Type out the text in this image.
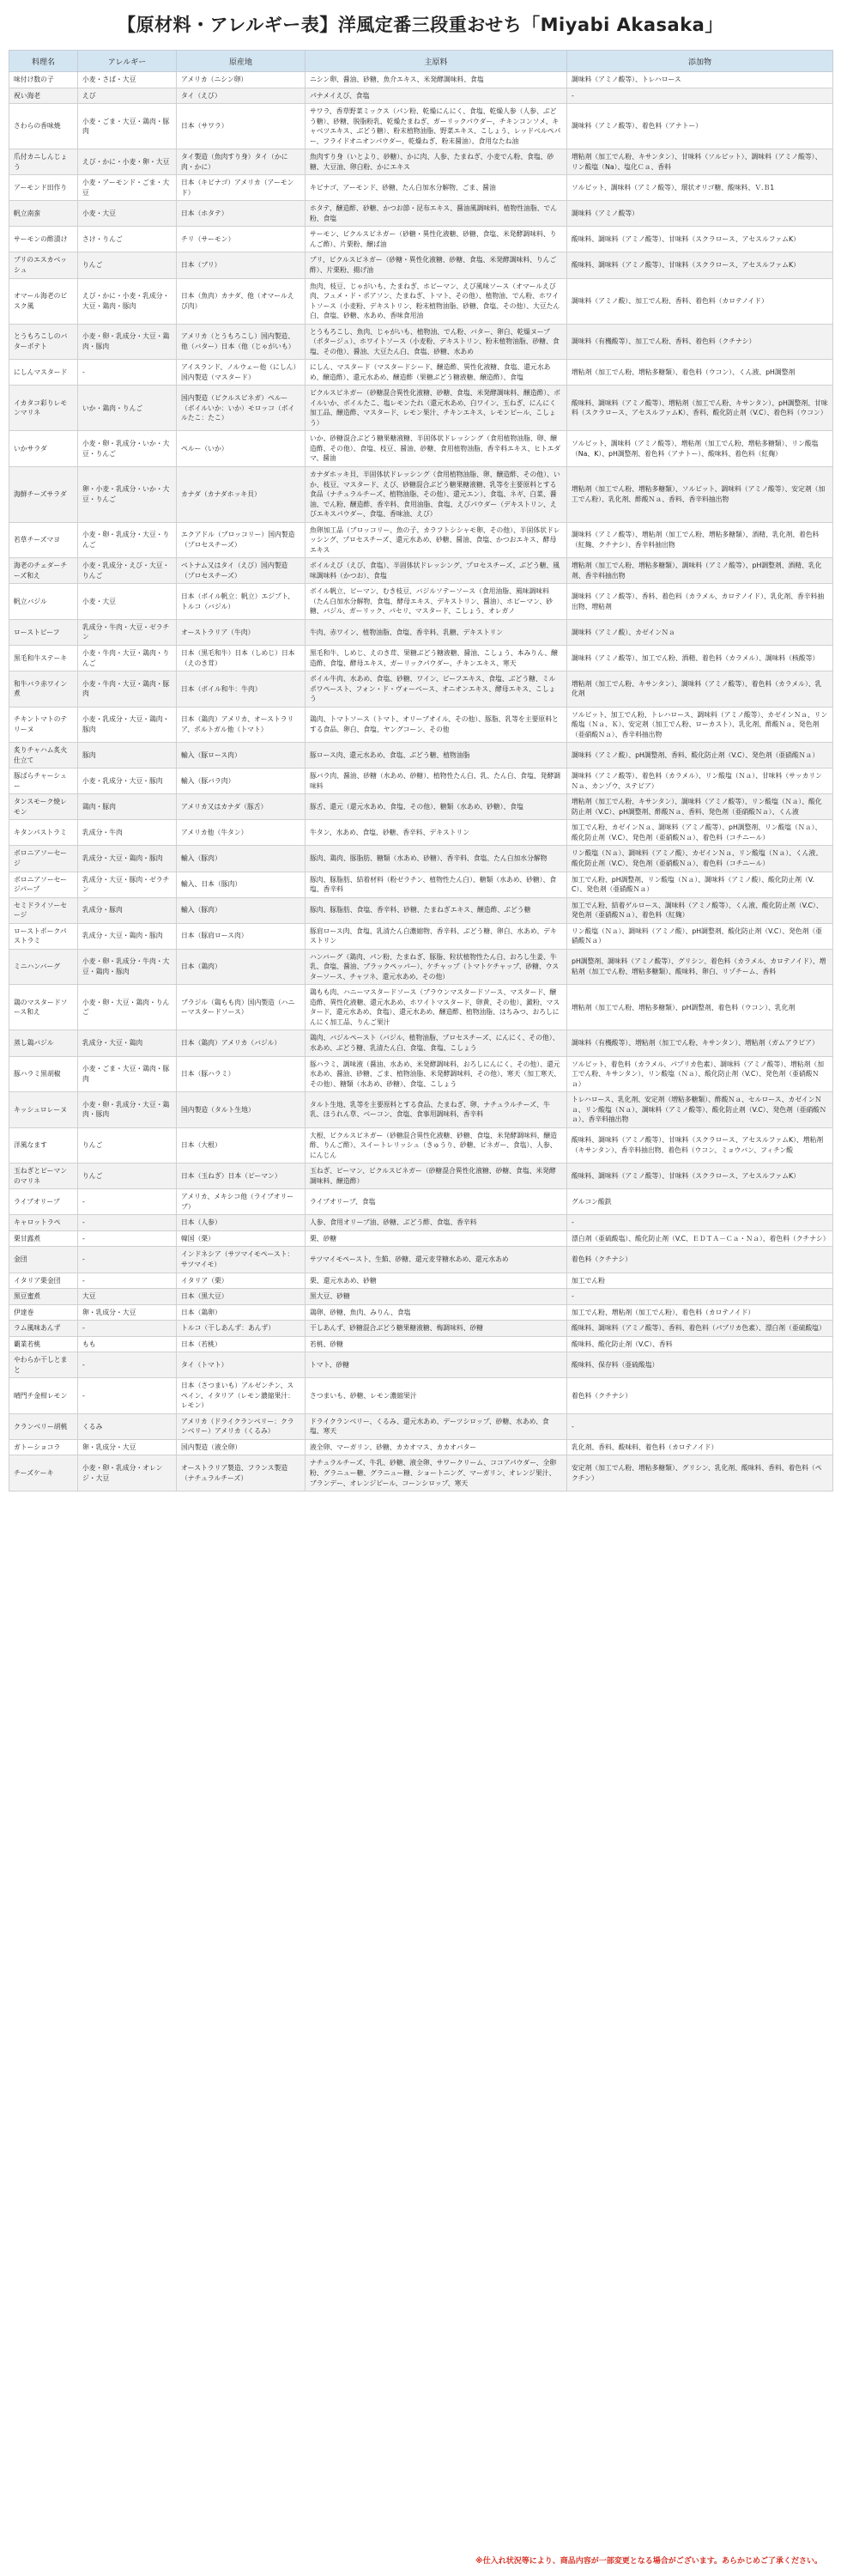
【原材料・アレルギー表】洋風定番三段重おせち「Miyabi Akasaka」
料理名	アレルギー	原産地	主原料	添加物
味付け数の子	小麦・さば・大豆	アメリカ（ニシン卵）	ニシン卵、醤油、砂糖、魚介エキス、米発酵調味料、食塩	調味料（アミノ酸等）、トレハロース
祝い海老	えび	タイ（えび）	パナメイえび、食塩	-
さわらの香味焼	小麦・ごま・大豆・鶏肉・豚肉	日本（サワラ）	サワラ、香草野菜ミックス（パン粉、乾燥にんにく、食塩、乾燥人参（人参、ぶどう糖）、砂糖、脱脂粉乳、乾燥たまねぎ、ガーリックパウダー、チキンコンソメ、キャベツエキス、ぶどう糖）、粉末植物油脂、野菜エキス、こしょう、レッドベルペパー、フライドオニオンパウダー、乾燥ねぎ、粉末醤油）、食用なたね油	調味料（アミノ酸等）、着色料（アナトー）
爪付カニしんじょう	えび・かに・小麦・卵・大豆	タイ製造（魚肉すり身）タイ（かに肉・かに）	魚肉すり身（いとより、砂糖）、かに肉、人参、たまねぎ、小麦でん粉、食塩、砂糖、大豆油、卵白粉、かにエキス	増粘剤（加工でん粉、キサンタン）、甘味料（ソルビット）、調味料（アミノ酸等）、リン酸塩（Na）、塩化Ｃａ、香料
アーモンド田作り	小麦・アーモンド・ごま・大豆	日本（キビナゴ）アメリカ（アーモンド）	キビナゴ、アーモンド、砂糖、たん白加水分解物、ごま、醤油	ソルビット、調味料（アミノ酸等）、環状オリゴ糖、酸味料、Ｖ.Ｂ1
帆立南蛮	小麦・大豆	日本（ホタテ）	ホタテ、醸造酢、砂糖、かつお節・昆布エキス、醤油風調味料、植物性油脂、でん粉、食塩	調味料（アミノ酸等）
サーモンの酢漬け	さけ・りんご	チリ（サーモン）	サーモン、ビクルスビネガー（砂糖・異性化液糖、砂糖、食塩、米発酵調味料、りんご酢）、片栗粉、醸ぱ油	酸味料、調味料（アミノ酸等）、甘味料（スクラロース、アセスルファムK）
ブリのエスカベッシュ	りんご	日本（ブリ）	ブリ、ビクルスビネガー（砂糖・異性化液糖、砂糖、食塩、米発酵調味料、りんご酢）、片栗粉、揚げ油	酸味料、調味料（アミノ酸等）、甘味料（スクラロース、アセスルファムK）
オマール海老のビスク風	えび・かに・小麦・乳成分・大豆・鶏肉・豚肉	日本（魚肉）カナダ、他（オマールえび肉）	魚肉、枝豆、じゃがいも、たまねぎ、ホビーマン、えび風味ソース（オマールえび肉、フュメ・ド・ポアソン、たまねぎ、トマト、その他）、植物油、でん粉、ホワイトソース（小麦粉、デキストリン、粉末植物油脂、砂糖、食塩、その他）、大豆たん白、食塩、砂糖、水あめ、香味食用油	調味料（アミノ酸）、加工でん粉、香料、着色料（カロテノイド）
とうもろこしのバターポテト	小麦・卵・乳成分・大豆・鶏肉・豚肉	アメリカ（とうもろこし）国内製造、他（バター）日本（他（じゃがいも）	とうもろこし、魚肉、じゃがいも、植物油、でん粉、バター、卵白、乾燥ヌーブ（ポタージュ）、ホワイトソース（小麦粉、デキストリン、粉末植物油脂、砂糖、食塩、その他）、醤油、大豆たん白、食塩、砂糖、水あめ	調味料（有機酸等）、加工でん粉、香料、着色料（クチナシ）
にしんマスタード	-	アイスランド、ノルウェー他（にしん）国内製造（マスタード）	にしん、マスタード（マスタードシード、醸造酢、異性化液糖、食塩、還元水あめ、醸造酢）、還元水あめ、醸造酢（果糖ぶどう糖液糖、醸造酢）、食塩	増粘剤（加工でん粉、増粘多糖類）、着色料（ウコン）、くん液、pH調整剤
イカタコ彩りレモンマリネ	いか・鶏肉・りんご	国内製造（ビクルスビネガ）ペルー（ボイルいか：いか）モロッコ（ボイルたこ：たこ）	ビクルスビネガー（砂糖混合異性化液糖、砂糖、食塩、米発酵調味料、醸造酢）、ボイルいか、ボイルたこ、塩レモンたれ（還元水あめ、白ワイン、玉ねぎ、にんにく加工品、醸造酢、マスタード、レモン果汁、チキンエキス、レモンピール、こしょう）	酸味料、調味料（アミノ酸等）、増粘剤（加工でん粉、キサンタン）、pH調整剤、甘味料（スクラロース、アセスルファムK）、香料、酸化防止剤（V.C）、着色料（ウコン）
いかサラダ	小麦・卵・乳成分・いか・大豆・りんご	ペルー（いか）	いか、砂糖混合ぶどう糖果糖液糖、半固体状ドレッシング（食用植物油脂、卵、醸造酢、その他）、食塩、枝豆、醤油、砂糖、食用植物油脂、香辛料エキス、ヒトエダマ、醤油	ソルビット、調味料（アミノ酸等）、増粘剤（加工でん粉、増粘多糖類）、リン酸塩（Na、K）、pH調整剤、着色料（アナトー）、酸味料、着色料（紅麹）
海鮮チーズサラダ	卵・小麦・乳成分・いか・大豆・りんご	カナダ（カナダホッキ貝）	カナダホッキ貝、半固体状ドレッシング（食用植物油脂、卵、醸造酢、その他）、いか、枝豆、マスタード、えび、砂糖混合ぶどう糖果糖液糖、乳等を主要原料とする食品（ナチュラルチーズ、植物油脂、その他）、還元エン）、食塩、ネギ、白菜、醤油、でん粉、醸造酢、香辛料、食用油脂、食塩、えびパウダー（デキストリン、えびエキスパウダー、食塩、香味油、えび）	増粘剤（加工でん粉、増粘多糖類）、ソルビット、調味料（アミノ酸等）、安定剤（加工でん粉）、乳化剤、酢酸Ｎａ、香料、香辛料抽出物
若草チーズマヨ	小麦・卵・乳成分・大豆・りんご	エクアドル（ブロッコリー）国内製造（プロセスチーズ）	魚卵加工品（ブロッコリー、魚の子、カラフトシシャモ卵、その他）、半固体状ドレッシング、プロセスチーズ、還元水あめ、砂糖、醤油、食塩、かつおエキス、酵母エキス	調味料（アミノ酸等）、増粘剤（加工でん粉、増粘多糖類）、酒精、乳化剤、着色料（紅麹、クチナシ）、香辛料抽出物
海老のチェダーチーズ和え	小麦・乳成分・えび・大豆・りんご	ベトナム又はタイ（えび）国内製造（プロセスチーズ）	ボイルえび（えび、食塩）、半固体状ドレッシング、プロセスチーズ、ぶどう糖、風味調味料（かつお）、食塩	増粘剤（加工でん粉、増粘多糖類）、調味料（アミノ酸等）、pH調整剤、酒精、乳化剤、香辛料抽出物
帆立バジル	小麦・大豆	日本（ボイル帆立：帆立）エジプト、トルコ（バジル）	ボイル帆立、ピーマン、むき枝豆、バジルソテーソース（食用油脂、風味調味料（たん白加水分解物、食塩、酵母エキス、デキストリン、醤油）、ホビーマン、砂糖、バジル、ガーリック、パセリ、マスタード、こしょう、オレガノ	調味料（アミノ酸等）、香料、着色料（カラメル、カロテノイド）、乳化剤、香辛料抽出物、増粘剤
ローストビーフ	乳成分・牛肉・大豆・ゼラチン	オーストラリア（牛肉）	牛肉、赤ワイン、植物油脂、食塩、香辛料、乳糖、デキストリン	調味料（アミノ酸）、カゼインＮａ
黒毛和牛ステーキ	小麦・牛肉・大豆・鶏肉・りんご	日本（黒毛和牛）日本（しめじ）日本（えのき茸）	黒毛和牛、しめじ、えのき茸、果糖ぶどう糖液糖、醤油、こしょう、本みりん、醸造酢、食塩、酵母エキス、ガーリックパウダー、チキンエキス、寒天	調味料（アミノ酸等）、加工でん粉、酒精、着色料（カラメル）、調味料（核酸等）
和牛バラ赤ワイン煮	小麦・牛肉・大豆・鶏肉・豚肉	日本（ボイル和牛：牛肉）	ボイル牛肉、水あめ、食塩、砂糖、ワイン、ビーフエキス、食塩、ぶどう糖、ミルポワペースト、フォン・ド・ヴォーベース、オニオンエキス、酵母エキス、こしょう	増粘剤（加工でん粉、キサンタン）、調味料（アミノ酸等）、着色料（カラメル）、乳化剤
チキントマトのテリーヌ	小麦・乳成分・大豆・鶏肉・豚肉	日本（鶏肉）アメリカ、オーストラリア、ポルトガル他（トマト）	鶏肉、トマトソース（トマト、オリーブオイル、その他）、豚脂、乳等を主要原料とする食品、卵白、食塩、ヤングコーン、その他	ソルビット、加工でん粉、トレハロース、調味料（アミノ酸等）、カゼインＮａ、リン酸塩（Ｎａ、Ｋ）、安定剤（加工でん粉、ローカスト）、乳化剤、酢酸Ｎａ、発色剤（亜硝酸Ｎａ）、香辛料抽出物
炙りチャハム炙火仕立て	豚肉	輸入（豚ロース肉）	豚ロース肉、還元水あめ、食塩、ぶどう糖、植物油脂	調味料（アミノ酸）、pH調整剤、香料、酸化防止剤（V.C）、発色剤（亜硝酸Ｎａ）
豚ばらチャーシュー	小麦・乳成分・大豆・豚肉	輸入（豚バラ肉）	豚バラ肉、醤油、砂糖（水あめ、砂糖）、植物性たん白、乳、たん白、食塩、発酵調味料	調味料（アミノ酸等）、着色料（カラメル）、リン酸塩（Ｎａ）、甘味料（サッカリンＮａ、カンゾウ、ステビア）
タンスモーク焼レモン	鶏肉・豚肉	アメリカ又はカナダ（豚舌）	豚舌、還元（還元水あめ、食塩、その他）、糖類（水あめ、砂糖）、食塩	増粘剤（加工でん粉、キサンタン）、調味料（アミノ酸等）、リン酸塩（Ｎａ）、酸化防止剤（V.C）、pH調整剤、酢酸Ｎａ、香料、発色剤（亜硝酸Ｎａ）、くん液
キタンパストラミ	乳成分・牛肉	アメリカ他（牛タン）	牛タン、水あめ、食塩、砂糖、香辛料、デキストリン	加工でん粉、カゼインＮａ、調味料（アミノ酸等）、pH調整剤、リン酸塩（Ｎａ）、酸化防止剤（V.C）、発色剤（亜硝酸Ｎａ）、着色料（コチニール）
ボロニアソーセージ	乳成分・大豆・鶏肉・豚肉	輸入（豚肉）	豚肉、鶏肉、豚脂肪、糖類（水あめ、砂糖）、香辛料、食塩、たん白加水分解物	リン酸塩（Ｎａ）、調味料（アミノ酸）、カゼインＮａ、リン酸塩（Ｎａ）、くん液、酸化防止剤（V.C）、発色剤（亜硝酸Ｎａ）、着色料（コチニール）
ボロニアソーセージパープ	乳成分・大豆・豚肉・ゼラチン	輸入、日本（豚肉）	豚肉、豚脂肪、結着材料（粉ゼラチン、植物性たん白）、糖類（水あめ、砂糖）、食塩、香辛料	加工でん粉、pH調整剤、リン酸塩（Ｎａ）、調味料（アミノ酸）、酸化防止剤（V.C）、発色剤（亜硝酸Ｎａ）
セミドライソーセージ	乳成分・豚肉	輸入（豚肉）	豚肉、豚脂肪、食塩、香辛料、砂糖、たまねぎエキス、醸造酢、ぶどう糖	加工でん粉、結着ゲルロース、調味料（アミノ酸等）、くん液、酸化防止剤（V.C）、発色剤（亜硝酸Ｎａ）、着色料（紅麹）
ローストポークパストラミ	乳成分・大豆・鶏肉・豚肉	日本（豚肩ロース肉）	豚肩ロース肉、食塩、乳清たん白濃縮物、香辛料、ぶどう糖、卵白、水あめ、デキストリン	リン酸塩（Ｎａ）、調味料（アミノ酸）、pH調整剤、酸化防止剤（V.C）、発色剤（亜硝酸Ｎａ）
ミニハンバーグ	小麦・卵・乳成分・牛肉・大豆・鶏肉・豚肉	日本（鶏肉）	ハンバーグ（鶏肉、パン粉、たまねぎ、豚脂、粒状植物性たん白、おろし生姜、牛乳、食塩、醤油、ブラックペッパー）、ケチャップ（トマトケチャップ、砂糖、ウスターソース、チャツネ、還元水あめ、その他）	pH調整剤、調味料（アミノ酸等）、グリシン、着色料（カラメル、カロテノイド）、増粘剤（加工でん粉、増粘多糖類）、酸味料、卵白、リゾチーム、香料
鶏のマスタードソース和え	小麦・卵・大豆・鶏肉・りんご	ブラジル（鶏もも肉）国内製造（ハニーマスタードソース）	鶏もも肉、ハニーマスタードソース（ブラウンマスタードソース、マスタード、醸造酢、異性化液糖、還元水あめ、ホワイトマスタード、卵黄、その他）、澱粉、マスタード、還元水あめ、食塩）、還元水あめ、醸造酢、植物油脂、はちみつ、おろしにんにく加工品、りんご果汁	増粘剤（加工でん粉、増粘多糖類）、pH調整剤、着色料（ウコン）、乳化剤
蒸し鶏バジル	乳成分・大豆・鶏肉	日本（鶏肉）アメリカ（バジル）	鶏肉、バジルペースト（バジル、植物油脂、プロセスチーズ、にんにく、その他）、水あめ、ぶどう糖、乳清たん白、食塩、食塩、こしょう	調味料（有機酸等）、増粘剤（加工でん粉、キサンタン）、増粘剤（ガムアラビア）
豚ハラミ黒胡椒	小麦・ごま・大豆・鶏肉・豚肉	日本（豚ハラミ）	豚ハラミ、調味液（醤油、水あめ、米発酵調味料、おろしにんにく、その他）、還元水あめ、醤油、砂糖、ごま、植物油脂、米発酵調味料、その他）、寒天（加工寒天、その他）、糖類（水あめ、砂糖）、食塩、こしょう	ソルビット、着色料（カラメル、パプリカ色素）、調味料（アミノ酸等）、増粘剤（加工でん粉、キサンタン）、リン酸塩（Ｎａ）、酸化防止剤（V.C）、発色剤（亜硝酸Ｎａ）
キッシュロレーヌ	小麦・卵・乳成分・大豆・鶏肉・豚肉	国内製造（タルト生地）	タルト生地、乳等を主要原料とする食品、たまねぎ、卵、ナチュラルチーズ、牛乳、ほうれん草、ベーコン、食塩、食事用調味料、香辛料	トレハロース、乳化剤、安定剤（増粘多糖類）、酢酸Ｎａ、セルロース、カゼインＮａ、リン酸塩（Ｎａ）、調味料（アミノ酸等）、酸化防止剤（V.C）、発色剤（亜硝酸Ｎａ）、香辛料抽出物
洋風なます	りんご	日本（大根）	大根、ビクルスビネガー（砂糖混合異性化液糖、砂糖、食塩、米発酵調味料、醸造酢、りんご酢）、スイートレリッシュ（きゅうり、砂糖、ビネガー、食塩）、人参、にんじん	酸味料、調味料（アミノ酸等）、甘味料（スクラロース、アセスルファムK）、増粘剤（キサンタン）、香辛料抽出物、着色料（ウコン、ミョウバン、フィチン酸
玉ねぎとピーマンのマリネ	りんご	日本（玉ねぎ）日本（ピーマン）	玉ねぎ、ピーマン、ビクルスビネガー（砂糖混合異性化液糖、砂糖、食塩、米発酵調味料、醸造酢）	酸味料、調味料（アミノ酸等）、甘味料（スクラロース、アセスルファムK）
ライブオリーブ	-	アメリカ、メキシコ他（ライブオリーブ）	ライブオリーブ、食塩	グルコン酸鉄
キャロットラペ	-	日本（人参）	人参、食用オリーブ油、砂糖、ぶどう酢、食塩、香辛料	-
栗甘露煮	-	韓国（栗）	栗、砂糖	漂白剤（亜硫酸塩）、酸化防止剤（V.C、ＥＤＴＡ－Ｃａ・Ｎａ）、着色料（クチナシ）
金団	-	インドネシア（サツマイモペースト：サツマイモ）	サツマイモペースト、生餡、砂糖、還元麦芽糖水あめ、還元水あめ	着色料（クチナシ）
イタリア栗金団	-	イタリア（栗）	栗、還元水あめ、砂糖	加工でん粉
黒豆蜜煮	大豆	日本（黒大豆）	黒大豆、砂糖	-
伊達巻	卵・乳成分・大豆	日本（鶏卵）	鶏卵、砂糖、魚肉、みりん、食塩	加工でん粉、増粘剤（加工でん粉）、着色料（カロテノイド）
ラム風味あんず	-	トルコ（干しあんず：あんず）	干しあんず、砂糖混合ぶどう糖果糖液糖、梅調味料、砂糖	酸味料、調味料（アミノ酸等）、香料、着色料（パプリカ色素）、漂白剤（亜硫酸塩）
覇業若桃	もも	日本（若桃）	若桃、砂糖	酸味料、酸化防止剤（V.C）、香料
やわらか干しとまと	-	タイ（トマト）	トマト、砂糖	酸味料、保存料（亜硫酸塩）
晴門チ金柑レモン	-	日本（さつまいも）アルゼンチン、スペイン、イタリア（レモン濃縮果汁：レモン）	さつまいも、砂糖、レモン濃縮果汁	着色料（クチナシ）
クランベリー胡桃	くるみ	アメリカ（ドライクランベリー：クランベリー）アメリカ（くるみ）	ドライクランベリー、くるみ、還元水あめ、デーツシロップ、砂糖、水あめ、食塩、寒天	-
ガトーショコラ	卵・乳成分・大豆	国内製造（液全卵）	液全卵、マーガリン、砂糖、カカオマス、カカオバター	乳化剤、香料、酸味料、着色料（カロテノイド）
チーズケーキ	小麦・卵・乳成分・オレンジ・大豆	オーストラリア製造、フランス製造（ナチュラルチーズ）	ナチュラルチーズ、牛乳、砂糖、液全卵、サワークリーム、ココアパウダー、全卵粉、グラニュー糖、グラニュー糖、ショートニング、マーガリン、オレンジ果汁、ブランデー、オレンジピール、コーンシロップ、寒天	安定剤（加工でん粉、増粘多糖類）、グリシン、乳化剤、酸味料、香料、着色料（ペクチン）
※仕入れ状況等により、商品内容が一部変更となる場合がございます。あらかじめご了承ください。
